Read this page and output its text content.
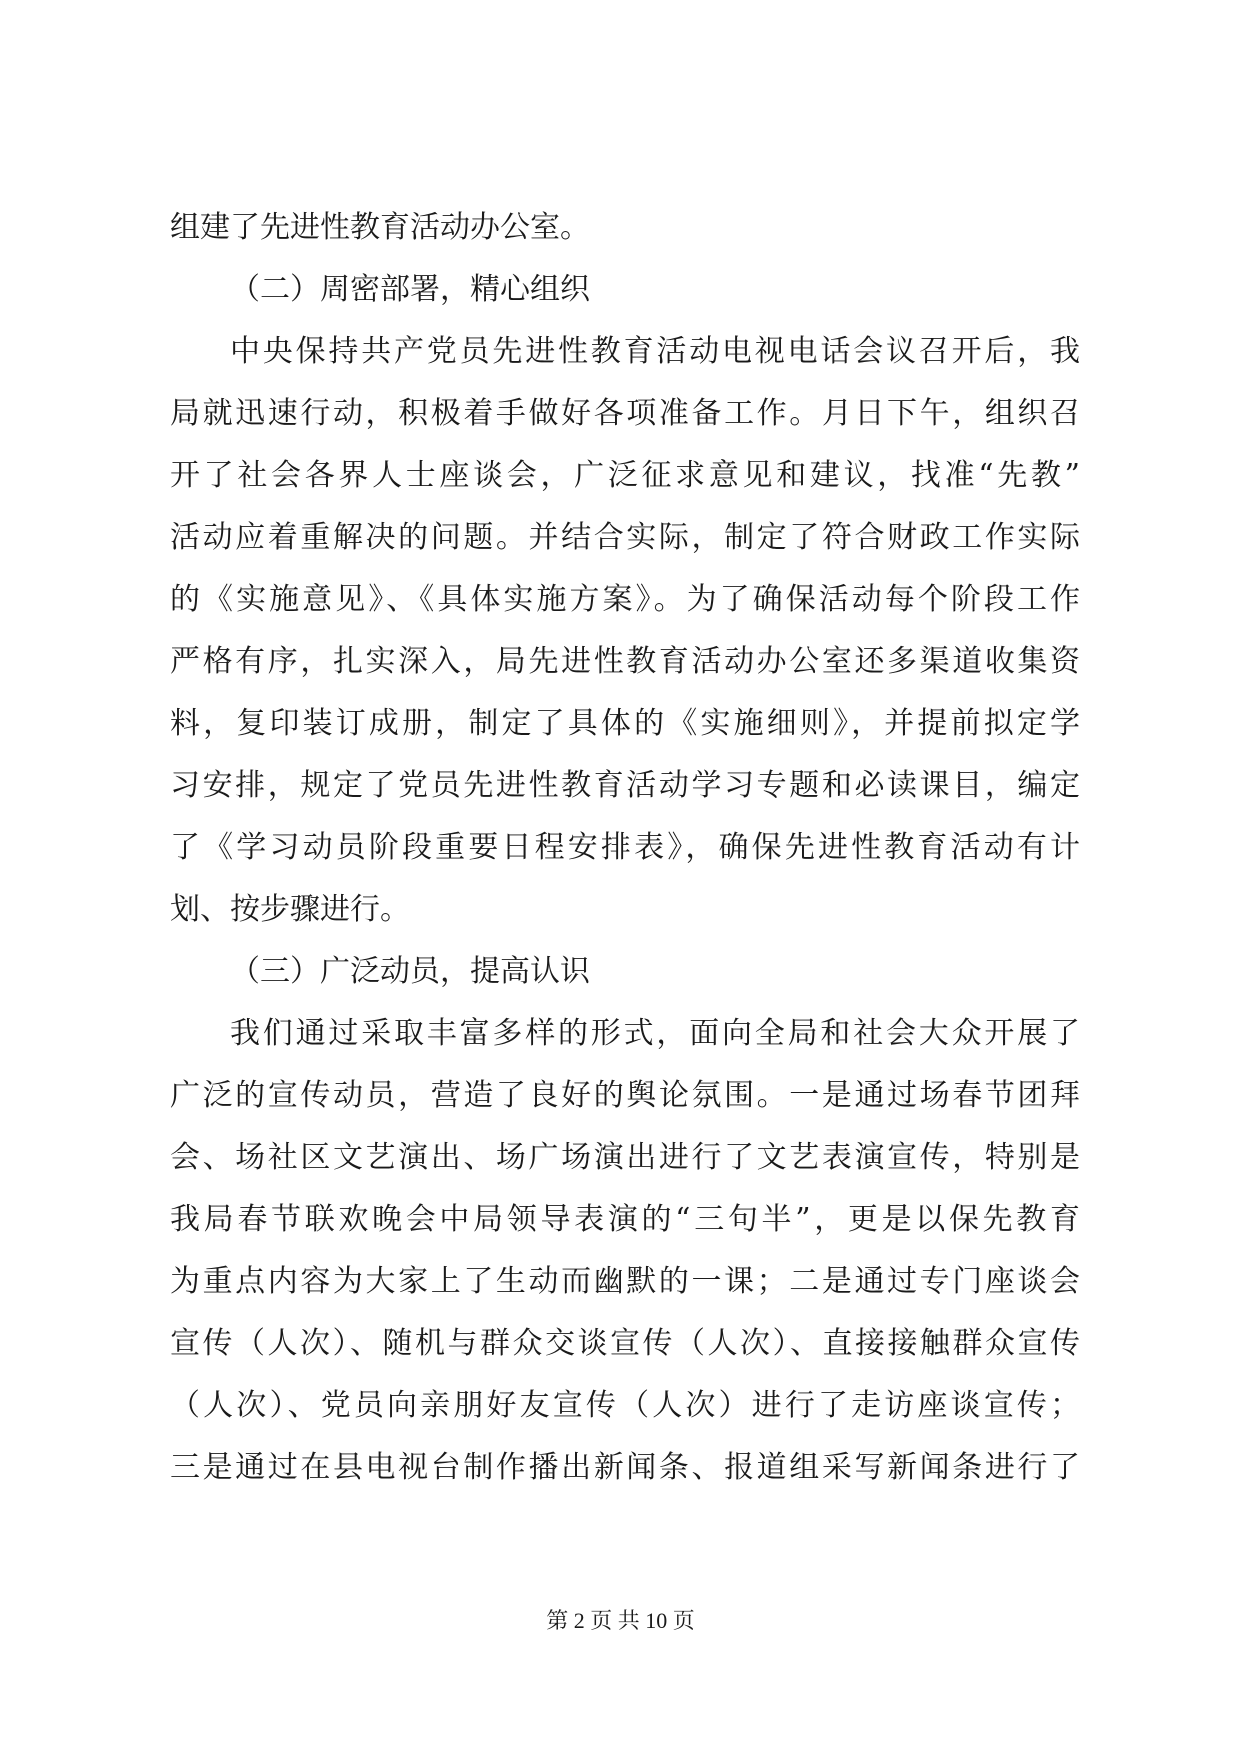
组建了先进性教育活动办公室。
（二）周密部署，精心组织
中央保持共产党员先进性教育活动电视电话会议召开后，我
局就迅速行动，积极着手做好各项准备工作。月日下午，组织召
开了社会各界人士座谈会，广泛征求意见和建议，找准“先教”
活动应着重解决的问题。并结合实际，制定了符合财政工作实际
的《实施意见》、《具体实施方案》。为了确保活动每个阶段工作
严格有序，扎实深入，局先进性教育活动办公室还多渠道收集资
料，复印装订成册，制定了具体的《实施细则》，并提前拟定学
习安排，规定了党员先进性教育活动学习专题和必读课目，编定
了《学习动员阶段重要日程安排表》，确保先进性教育活动有计
划、按步骤进行。
（三）广泛动员，提高认识
我们通过采取丰富多样的形式，面向全局和社会大众开展了
广泛的宣传动员，营造了良好的舆论氛围。一是通过场春节团拜
会、场社区文艺演出、场广场演出进行了文艺表演宣传，特别是
我局春节联欢晚会中局领导表演的“三句半”，更是以保先教育
为重点内容为大家上了生动而幽默的一课；二是通过专门座谈会
宣传（人次）、随机与群众交谈宣传（人次）、直接接触群众宣传
（人次）、党员向亲朋好友宣传（人次）进行了走访座谈宣传；
三是通过在县电视台制作播出新闻条、报道组采写新闻条进行了
第 2 页 共 10 页
